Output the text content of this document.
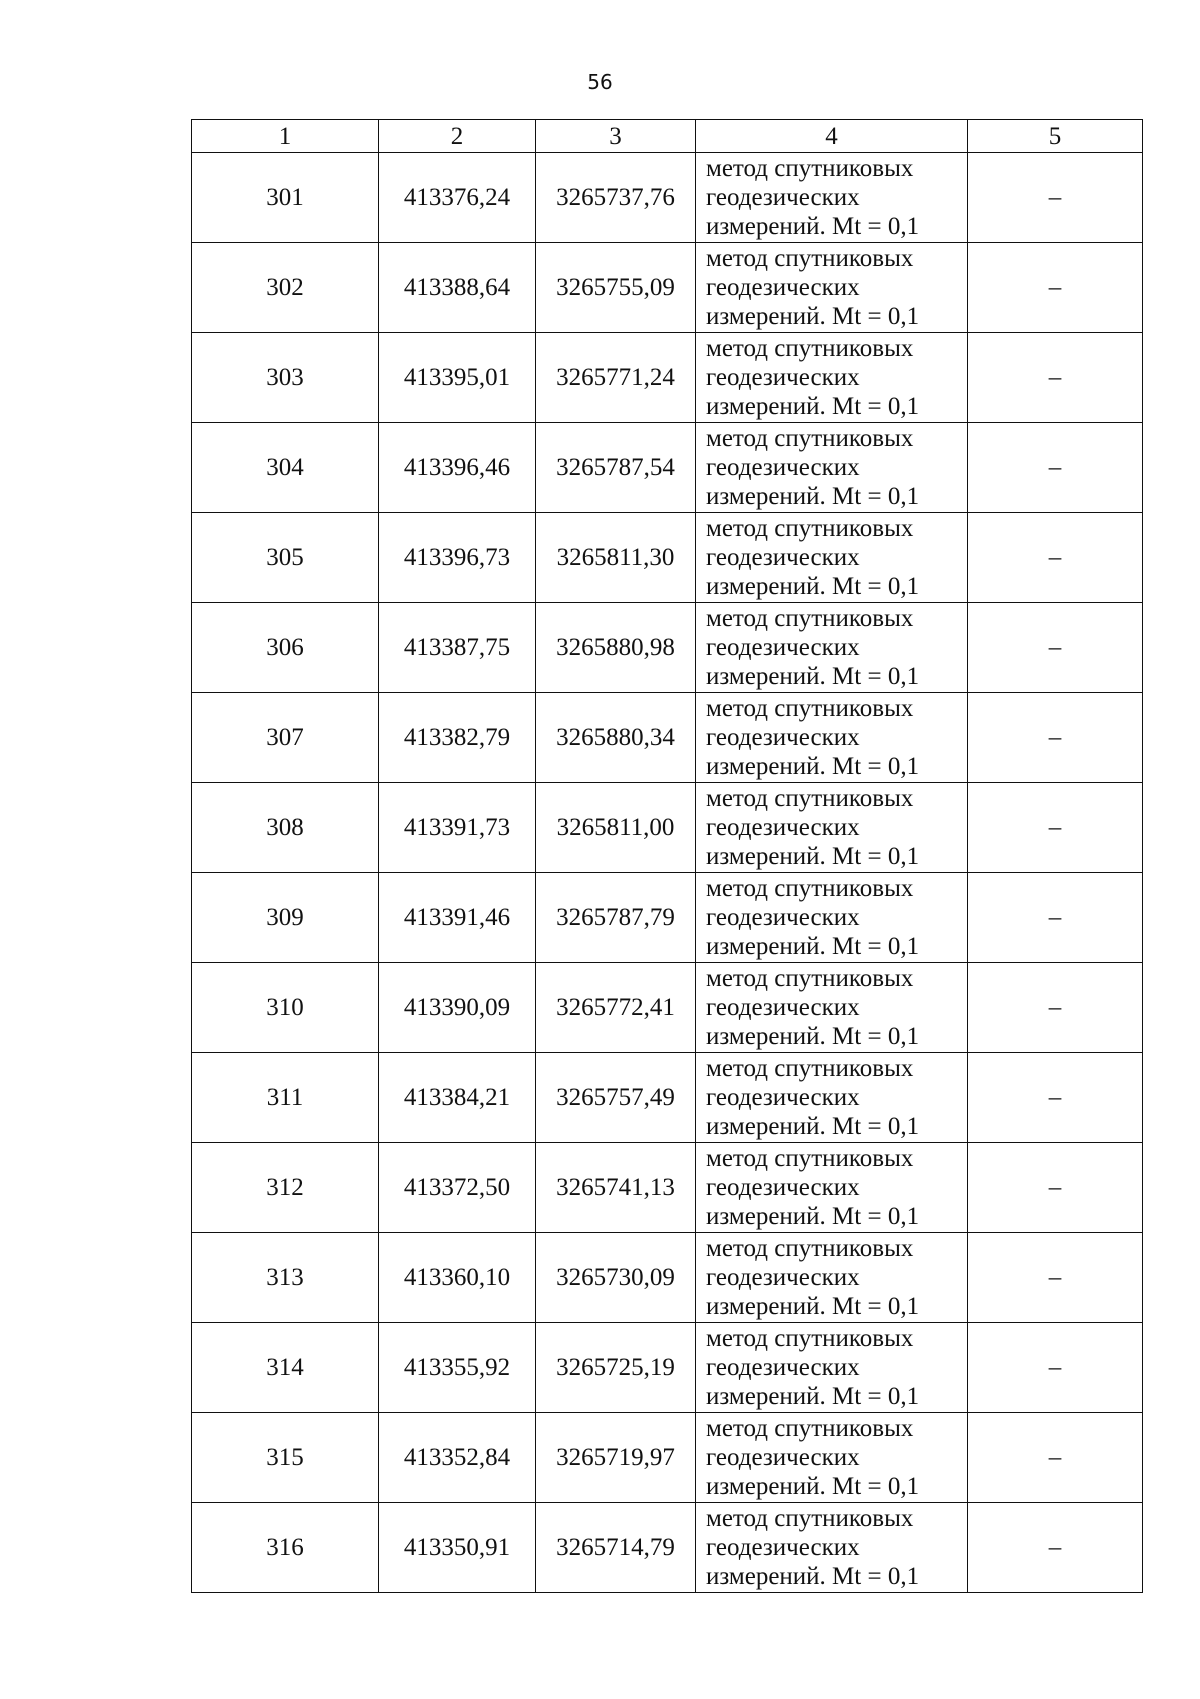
56
1	2	3	4	5
301	413376,24	3265737,76	метод спутниковых
геодезических
измерений. Mt = 0,1	–
302	413388,64	3265755,09	метод спутниковых
геодезических
измерений. Mt = 0,1	–
303	413395,01	3265771,24	метод спутниковых
геодезических
измерений. Mt = 0,1	–
304	413396,46	3265787,54	метод спутниковых
геодезических
измерений. Mt = 0,1	–
305	413396,73	3265811,30	метод спутниковых
геодезических
измерений. Mt = 0,1	–
306	413387,75	3265880,98	метод спутниковых
геодезических
измерений. Mt = 0,1	–
307	413382,79	3265880,34	метод спутниковых
геодезических
измерений. Mt = 0,1	–
308	413391,73	3265811,00	метод спутниковых
геодезических
измерений. Mt = 0,1	–
309	413391,46	3265787,79	метод спутниковых
геодезических
измерений. Mt = 0,1	–
310	413390,09	3265772,41	метод спутниковых
геодезических
измерений. Mt = 0,1	–
311	413384,21	3265757,49	метод спутниковых
геодезических
измерений. Mt = 0,1	–
312	413372,50	3265741,13	метод спутниковых
геодезических
измерений. Mt = 0,1	–
313	413360,10	3265730,09	метод спутниковых
геодезических
измерений. Mt = 0,1	–
314	413355,92	3265725,19	метод спутниковых
геодезических
измерений. Mt = 0,1	–
315	413352,84	3265719,97	метод спутниковых
геодезических
измерений. Mt = 0,1	–
316	413350,91	3265714,79	метод спутниковых
геодезических
измерений. Mt = 0,1	–
